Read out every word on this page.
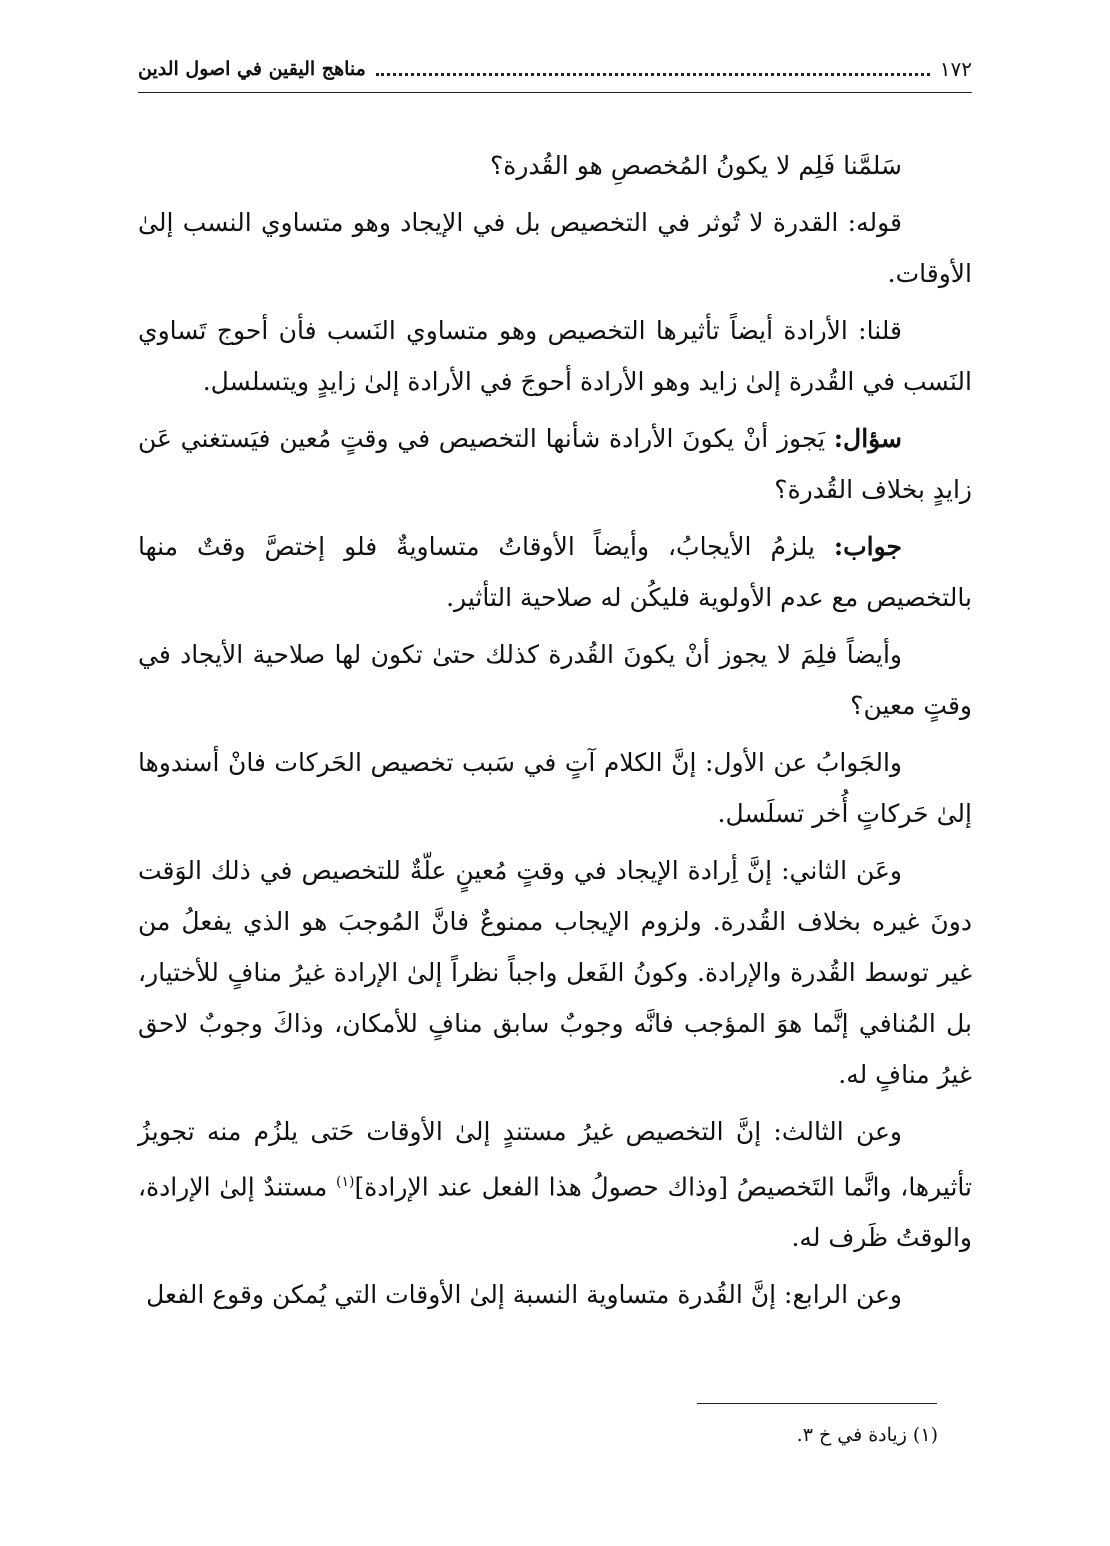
١٧٢
مناهج اليقين في اصول الدين

سَلمَّنا فَلِم لا يكونُ المُخصصِ هو القُدرة؟

قوله: القدرة لا تُوثر في التخصيص بل في الإيجاد وهو متساوي النسب إلىٰ الأوقات.

قلنا: الأرادة أيضاً تأثيرها التخصيص وهو متساوي النَسب فأن أحوج تَساوي النَسب في القُدرة إلىٰ زايد وهو الأرادة أحوجَ في الأرادة إلىٰ زايدٍ ويتسلسل.

سؤال: يَجوز أنْ يكونَ الأرادة شأنها التخصيص في وقتٍ مُعين فيَستغني عَن زايدٍ بخلاف القُدرة؟

جواب: يلزمُ الأيجابُ، وأيضاً الأوقاتُ متساويةٌ فلو إختصَّ وقتٌ منها بالتخصيص مع عدم الأولوية فليكُن له صلاحية التأثير.

وأيضاً فلِمَ لا يجوز أنْ يكونَ القُدرة كذلك حتىٰ تكون لها صلاحية الأيجاد في وقتٍ معين؟

والجَوابُ عن الأول: إنَّ الكلام آتٍ في سَبب تخصيص الحَركات فانْ أسندوها إلىٰ حَركاتٍ أُخر تسلَسل.

وعَن الثاني: إنَّ أِرادة الإيجاد في وقتٍ مُعينٍ علّةٌ للتخصيص في ذلك الوَقت دونَ غيره بخلاف القُدرة. ولزوم الإيجاب ممنوعٌ فانَّ المُوجبَ هو الذي يفعلُ من غير توسط القُدرة والإرادة. وكونُ الفَعل واجباً نظراً إلىٰ الإرادة غيرُ منافٍ للأختيار، بل المُنافي إنَّما هوَ المؤجب فانَّه وجوبٌ سابق منافٍ للأمكان، وذاكَ وجوبٌ لاحق غيرُ منافٍ له.

وعن الثالث: إنَّ التخصيص غيرُ مستندٍ إلىٰ الأوقات حَتى يلزُم منه تجويزُ تأثيرها، وانَّما التَخصيصُ [وذاك حصولُ هذا الفعل عند الإرادة]$^{(١)}$ مستندٌ إلىٰ الإرادة، والوقتُ ظَرف له.

وعن الرابع: إنَّ القُدرة متساوية النسبة إلىٰ الأوقات التي يُمكن وقوع الفعل

(١) زيادة في خ ٣.
